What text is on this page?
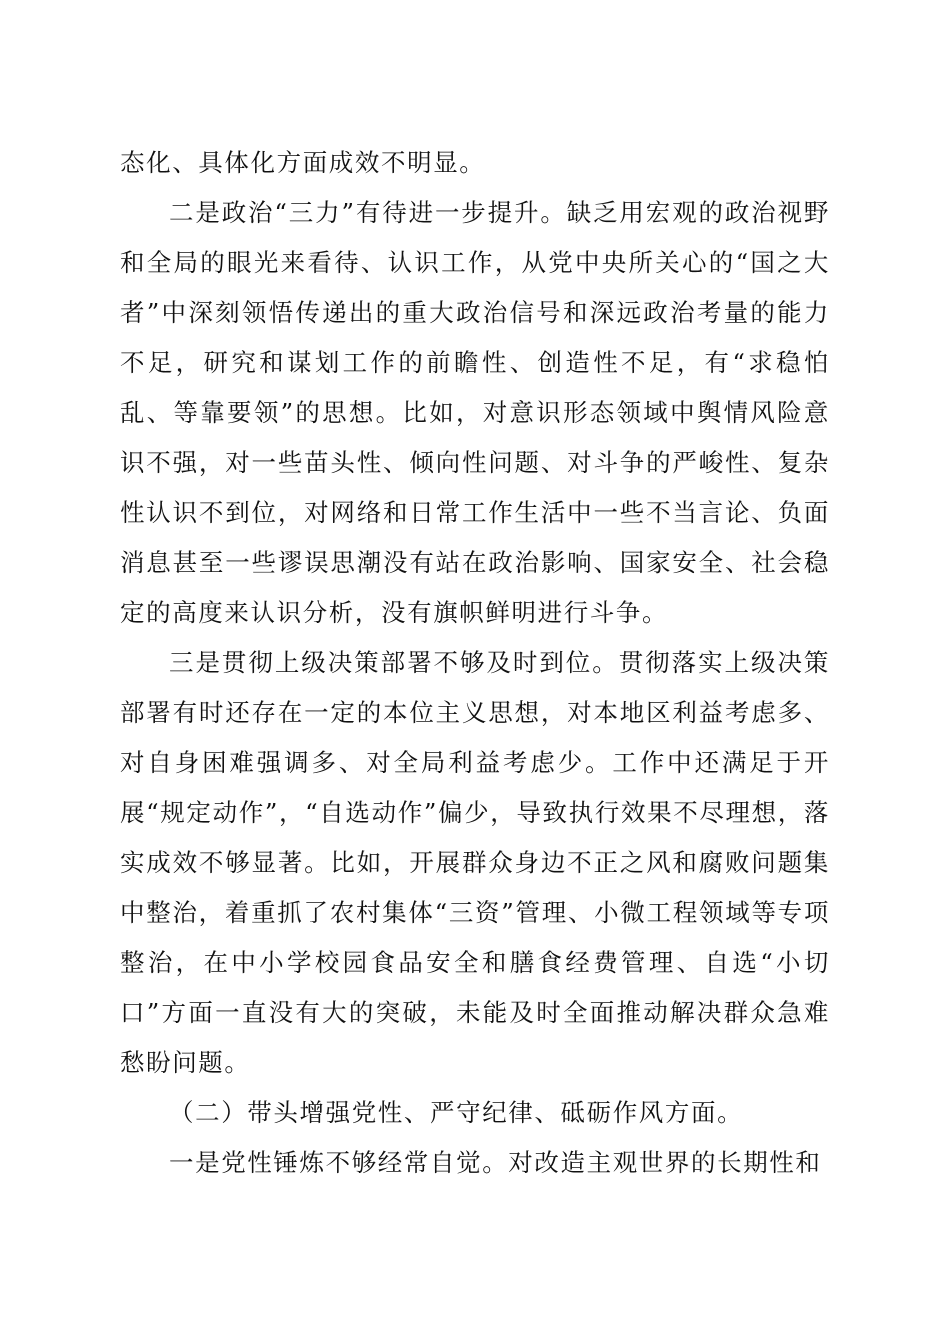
态化、具体化方面成效不明显。

二是政治“三力”有待进一步提升。缺乏用宏观的政治视野和全局的眼光来看待、认识工作，从党中央所关心的“国之大者”中深刻领悟传递出的重大政治信号和深远政治考量的能力不足，研究和谋划工作的前瞻性、创造性不足，有“求稳怕乱、等靠要领”的思想。比如，对意识形态领域中舆情风险意识不强，对一些苗头性、倾向性问题、对斗争的严峻性、复杂性认识不到位，对网络和日常工作生活中一些不当言论、负面消息甚至一些谬误思潮没有站在政治影响、国家安全、社会稳定的高度来认识分析，没有旗帜鲜明进行斗争。

三是贯彻上级决策部署不够及时到位。贯彻落实上级决策部署有时还存在一定的本位主义思想，对本地区利益考虑多、对自身困难强调多、对全局利益考虑少。工作中还满足于开展“规定动作”，“自选动作”偏少，导致执行效果不尽理想，落实成效不够显著。比如，开展群众身边不正之风和腐败问题集中整治，着重抓了农村集体“三资”管理、小微工程领域等专项整治，在中小学校园食品安全和膳食经费管理、自选“小切口”方面一直没有大的突破，未能及时全面推动解决群众急难愁盼问题。

（二）带头增强党性、严守纪律、砥砺作风方面。

一是党性锤炼不够经常自觉。对改造主观世界的长期性和
